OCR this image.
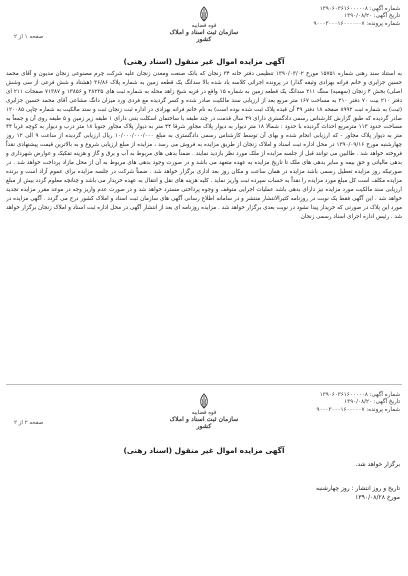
شماره آگهی: ۱۳۹۰۶۰۳۶۱۶۰۰۰۰۰۸
تاریخ آگهی: ۱۳۹۰/۰۸/۲۰
شماره پرونده: ۹۰۰۰۳۰۰۰۱۶۰۰۰۰۰۰۷
قوه قضاییه
سازمان ثبت اسناد و املاک کشور
صفحه ۱ از ۲
آگهی مزایده اموال غیر منقول (اسناد رهنی)

به استناد سند رهنی شماره ۱۵۷۵۱ مورخ ۱۳۹۰/۰۳/۰۲ تنظیمی دفتر خانه ۳۴ زنجان که بانک صنعت ومعدن زنجان علیه شرکت چرم مصنوعی زنجان مدیون و آقای محمد حسین جزایری و خانم فرانه بهزادی وثیقه گذار) در پرونده اجرائی کلاسه باد شده بالا سدانگ یک قطعه زمین به شماره پلاک ۳۶/۸۶ (هشتاد و شش فرعی از سی وشش اصلی) بخش ۴ زنجان (سهمیه) سنگ ۲۱۱ سدانگ یک قطعه زمین به شماره ۱۵ واقع در قریه شیخ زاهد محله به شماره ثبت های ۲۸۲۳۵ و ۱۳۸۵۶ و ۷۱۳۸۷ صفحات ۲۱۱ ای دفتر ۲۱۰ بیت ۷۰ دفتر ۲۱۰ به مساحت ۱۶۷ متر مربع بعد از ارزیابی سند مالکیت صادر شده و کسر گردیده مع فردی ورد میزان دانگ مشاعی آقای محمد حسین جزایری (ثبت) به شماره ثبت ۸۹۹۲ صفحه ۱۸ دفتر ۴۹ آن قیده پلاک ثبت شده بوده است) به نام خانم فرانه بهزادی در اداره ثبت زنجان ثبت و سند مالکیت به شماره چاپی ۱۲۰۰۸۵ صادر گردیده که طبق گزارش کارشناس رسمی دادگستری دارای ۴۹ سال قدمت در چند طبقه با ساختمان اسکلت بتنی دارای ۱ طبقه زیر زمین و ۵ طبقه روی آن و جمعاً به مساحت حدود ۱۱۳ مترمربع احداث گردیده با حدود : شمالا ۱۸ متر دیوار به دیوار پلاک مجاور شرقا ۴۴ متر به دیوار پلاک مجاور جنوبا ۱۸ متر درب و دیوار به کوچه غربا ۴۴ متر به دیوار پلاک مجاور - که ارزیابی انجام شده و بهای آن توسط کارشناس رسمی دادگستری به مبلغ ۱۰/۰۰۰/۰۰۰/۰۰۰ ریال ارزیابی گردیده از ساعت ۹ الی ۱۲ روز چهارشنبه مورخ ۱۳۹۰/۰۹/۱۶ در محل اداره ثبت اسناد و املاک زنجان از طریق مزایده به فروش می رسد ، مزایده از مبلغ ارزیابی شروع و به بالاترین قیمت پیشنهادی نقداً فروخته خواهد شد . طالبین می توانند قبل از جلسه مزایده از ملک مورد نظر بازدید نمایند . ضمناً بدهی های مربوط به آب و برق و گاز و هزینه تفکیک و عوارض شهرداری و بدهی مالیاتی و حق بیمه و سایر بدهی های ملک تا تاریخ مزایده به عهده متعهد می باشد و در صورت وجود بدهی های مربوط به آن از محل مازاد پرداخت خواهد شد . در صورتیکه روز مزایده تعطیل رسمی باشد مزایده در همان ساعت و مکان روز بعد اداری برگزار خواهد شد . ضمناً شرکت در جلسه مزایده برای عموم آزاد است و برنده مزایده مکلف است کل مبلغ مورد مزایده را نقداً به حساب سپرده ثبت واریز نماید . کلیه هزینه های نقل و انتقال به عهده خریدار می باشد و چنانچه معلوم گردد بیش از مبلغ ارزیابی سند مالکیت مورد مزایده نیز دارای بدهی باشد عملیات اجرایی متوقف و وجوه پرداختی مسترد خواهد شد و در صورت عدم واریز وجه در موعد مقرر مزایده تجدید خواهد شد . این آگهی فقط یک نوبت در روزنامه کثیرالانتشار منتشر و در سامانه اطلاع رسانی آگهی های سازمان ثبت اسناد و املاک کشور درج می گردد . آگهی مزایده در مورد این پلاک در صورتی که خریدار پیدا نشود در نوبت بعدی برگزار خواهد شد . مزایده روزنامه ای بعد از انتشار آگهی در محل اداره ثبت اسناد و املاک زنجان برگزار خواهد شد . رئیس اداره اجرای اسناد رسمی زنجان

شماره آگهی: ۱۳۹۰۶۰۳۶۱۶۰۰۰۰۰۸
تاریخ آگهی: ۱۳۹۰/۰۸/۲۰
شماره پرونده: ۹۰۰۰۳۰۰۰۱۶۰۰۰۰۰۷
قوه قضاییه
سازمان ثبت اسناد و املاک کشور
صفحه ۲ از ۲
آگهی مزایده اموال غیر منقول (اسناد رهنی)
برگزار خواهد شد.
تاریخ و روز انتشار : روز چهارشنبه
مورخ ۱۳۹۰/۰۸/۲۸
